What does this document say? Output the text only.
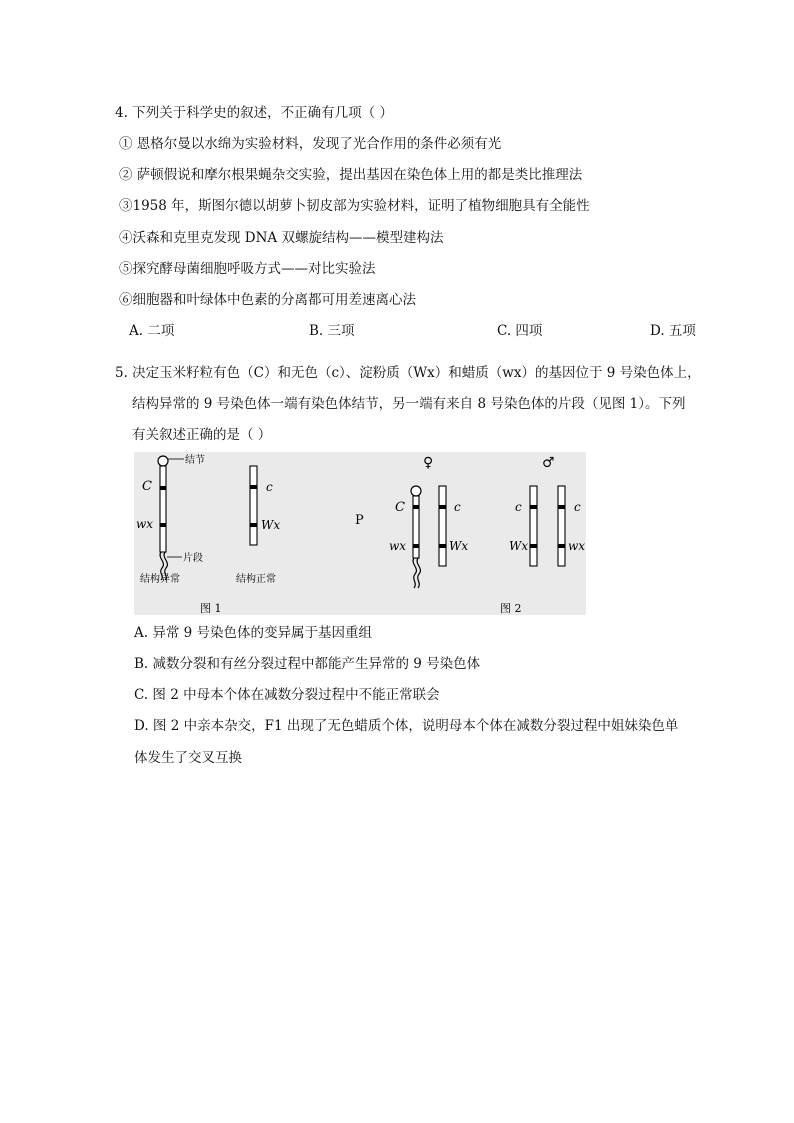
4. 下列关于科学史的叙述，不正确有几项（ ）
① 恩格尔曼以水绵为实验材料，发现了光合作用的条件必须有光
② 萨顿假说和摩尔根果蝇杂交实验，提出基因在染色体上用的都是类比推理法
③1958 年，斯图尔德以胡萝卜韧皮部为实验材料，证明了植物细胞具有全能性
④沃森和克里克发现 DNA 双螺旋结构——模型建构法
⑤探究酵母菌细胞呼吸方式——对比实验法
⑥细胞器和叶绿体中色素的分离都可用差速离心法
A. 二项	B. 三项	C. 四项	D. 五项
5. 决定玉米籽粒有色（C）和无色（c）、淀粉质（Wx）和蜡质（wx）的基因位于 9 号染色体上，
结构异常的 9 号染色体一端有染色体结节，另一端有来自 8 号染色体的片段（见图 1）。下列
有关叙述正确的是（ ）
结节
片段
C
wx
结构异常
c
Wx
结构正常
图 1
P
♀
C
wx
c
Wx
♂
c
Wx
c
wx
图 2
A. 异常 9 号染色体的变异属于基因重组
B. 减数分裂和有丝分裂过程中都能产生异常的 9 号染色体
C. 图 2 中母本个体在减数分裂过程中不能正常联会
D. 图 2 中亲本杂交，F1 出现了无色蜡质个体，说明母本个体在减数分裂过程中姐妹染色单
体发生了交叉互换
